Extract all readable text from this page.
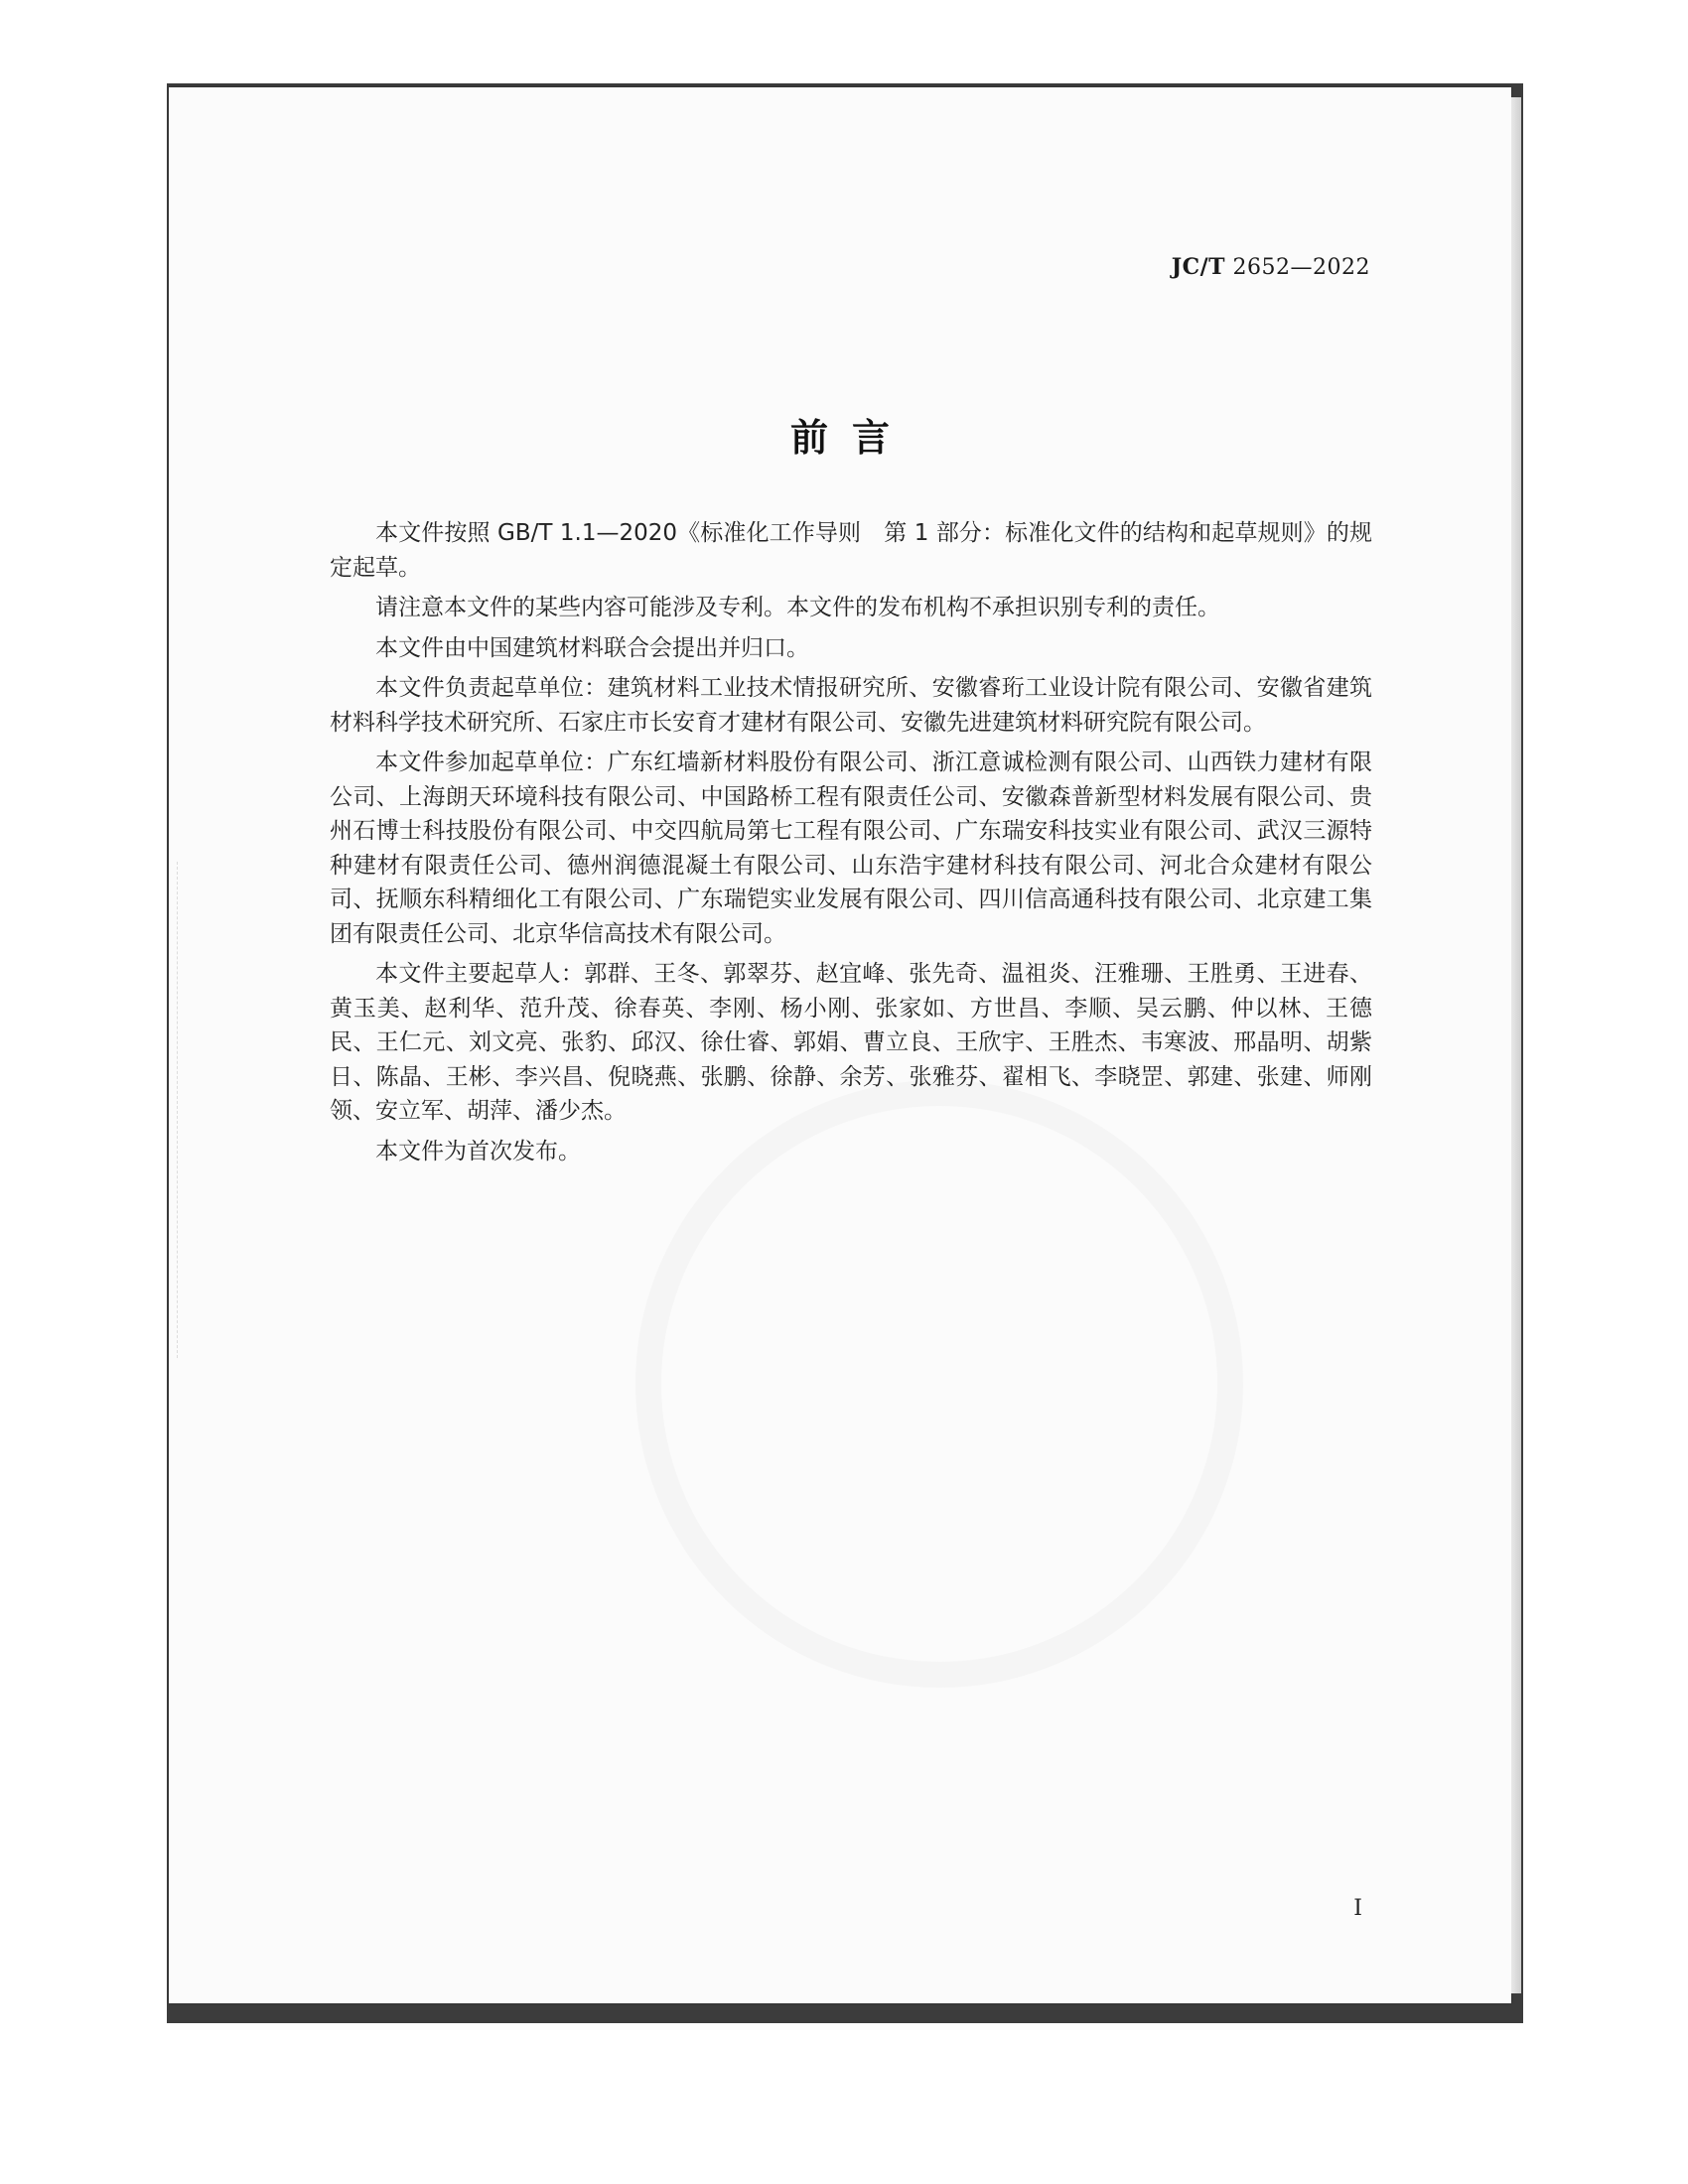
JC/T 2652—2022
前言

本文件按照 GB/T 1.1—2020《标准化工作导则　第 1 部分：标准化文件的结构和起草规则》的规定起草。

请注意本文件的某些内容可能涉及专利。本文件的发布机构不承担识别专利的责任。

本文件由中国建筑材料联合会提出并归口。

本文件负责起草单位：建筑材料工业技术情报研究所、安徽睿珩工业设计院有限公司、安徽省建筑材料科学技术研究所、石家庄市长安育才建材有限公司、安徽先进建筑材料研究院有限公司。

本文件参加起草单位：广东红墙新材料股份有限公司、浙江意诚检测有限公司、山西铁力建材有限公司、上海朗天环境科技有限公司、中国路桥工程有限责任公司、安徽森普新型材料发展有限公司、贵州石博士科技股份有限公司、中交四航局第七工程有限公司、广东瑞安科技实业有限公司、武汉三源特种建材有限责任公司、德州润德混凝土有限公司、山东浩宇建材科技有限公司、河北合众建材有限公司、抚顺东科精细化工有限公司、广东瑞铠实业发展有限公司、四川信高通科技有限公司、北京建工集团有限责任公司、北京华信高技术有限公司。

本文件主要起草人：郭群、王冬、郭翠芬、赵宜峰、张先奇、温祖炎、汪雅珊、王胜勇、王进春、黄玉美、赵利华、范升茂、徐春英、李刚、杨小刚、张家如、方世昌、李顺、吴云鹏、仲以林、王德民、王仁元、刘文亮、张豹、邱汉、徐仕睿、郭娟、曹立良、王欣宇、王胜杰、韦寒波、邢晶明、胡紫日、陈晶、王彬、李兴昌、倪晓燕、张鹏、徐静、余芳、张雅芬、翟相飞、李晓罡、郭建、张建、师刚领、安立军、胡萍、潘少杰。

本文件为首次发布。

I
